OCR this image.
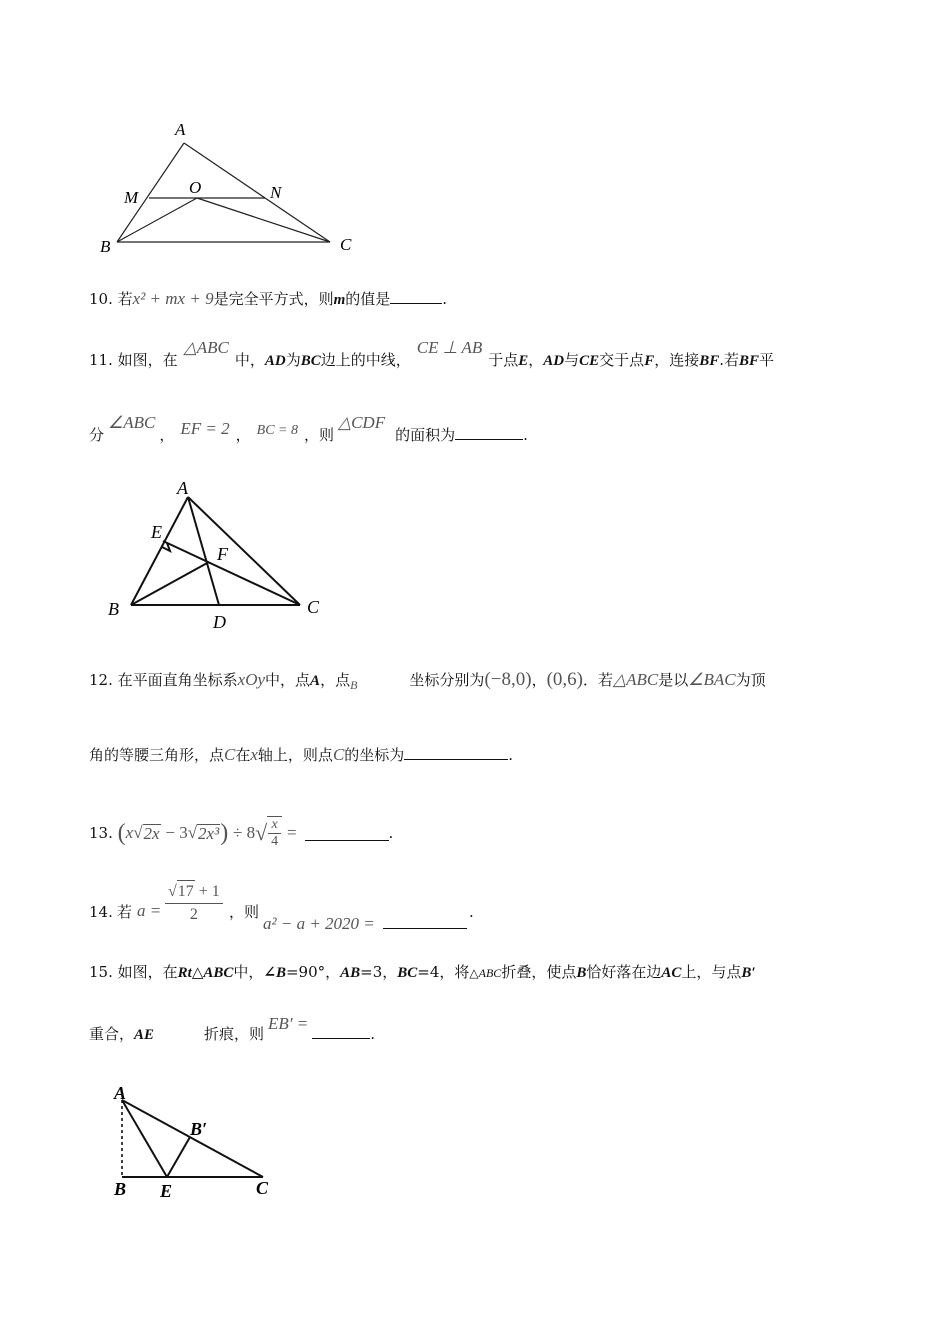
A
M
O	N
B	C
10. 若x² + mx + 9是完全平方式，则m的值是	.
11. 如图，在△ABC中，AD为BC边上的中线，CE ⊥ AB于点E，AD与CE交于点F，连接BF.若BF平
分∠ABC， EF = 2 ， BC = 8 ，则△CDF的面积为	.
A
E
F
B
D
C
12. 在平面直角坐标系xOy中，点A，点$_B$	坐标分别为(−8,0)，(0,6)．若△ABC是以∠BAC为顶
角的等腰三角形，点C在x轴上，则点C的坐标为	.
13. $(x√2x - 3√2x^3) \div 8√ \frac{x}{4}$ =	.
14. 若 $a = \frac{√17 + 1}{2}$ ，则
a² − a + 2020 =
.
15. 如图，在Rt△ABC中，∠B=90°，AB=3，BC=4，将△ABC折叠，使点B恰好落在边AC上，与点B′
重合，AE	折痕，则EB′ =.
A
B′
B E	C
